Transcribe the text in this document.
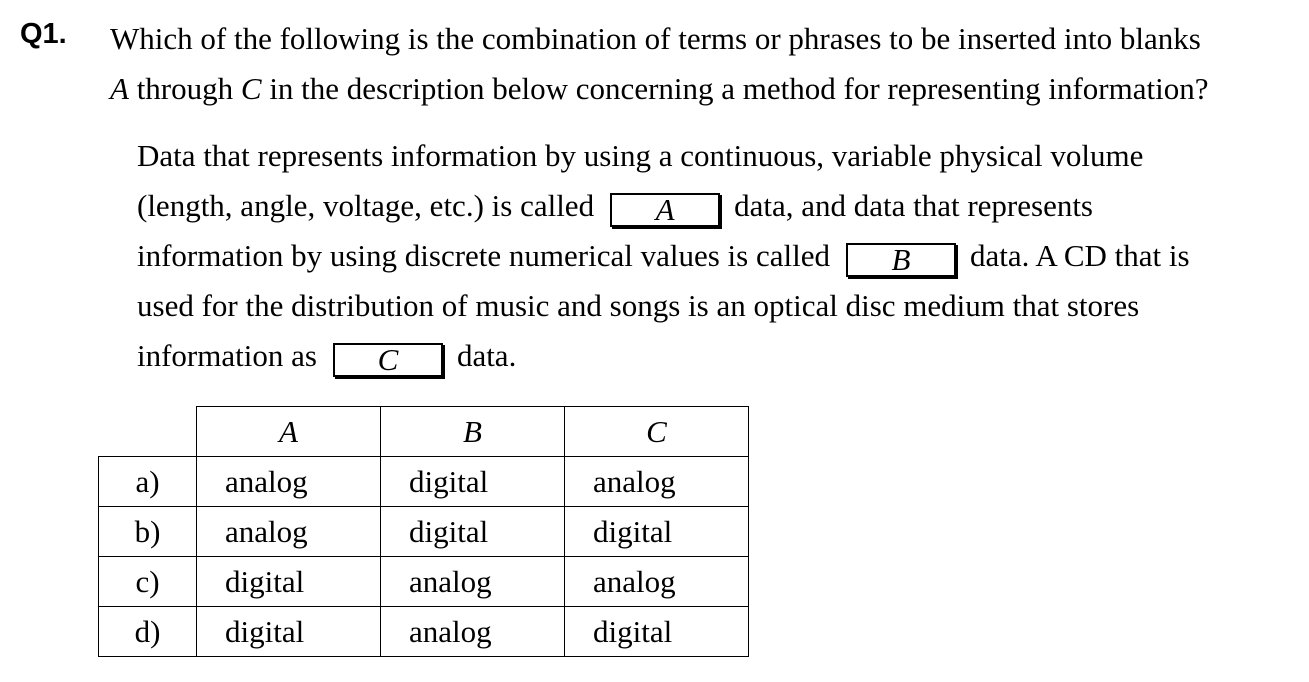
Q1. Which of the following is the combination of terms or phrases to be inserted into blanks
A through C in the description below concerning a method for representing information?
Data that represents information by using a continuous, variable physical volume
(length, angle, voltage, etc.) is called A data, and data that represents
information by using discrete numerical values is called B data. A CD that is
used for the distribution of music and songs is an optical disc medium that stores
information as C data.
	A	B	C
a)	analog	digital	analog
b)	analog	digital	digital
c)	digital	analog	analog
d)	digital	analog	digital
